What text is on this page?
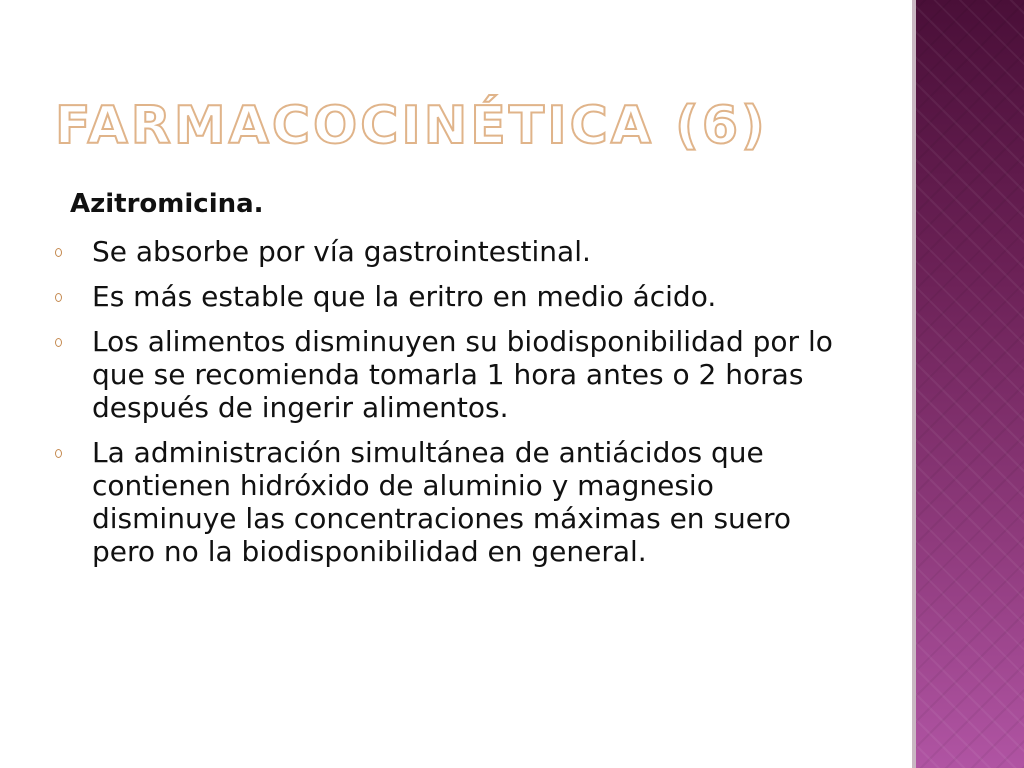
FARMACOCINÉTICA (6)

Azitromicina.

Se absorbe por vía gastrointestinal.
Es más estable que la eritro en medio ácido.
Los alimentos disminuyen su biodisponibilidad por lo que se recomienda tomarla 1 hora antes o 2 horas después de ingerir alimentos.
La administración simultánea de antiácidos que contienen hidróxido de aluminio y magnesio disminuye las concentraciones máximas en suero pero no la biodisponibilidad en general.
